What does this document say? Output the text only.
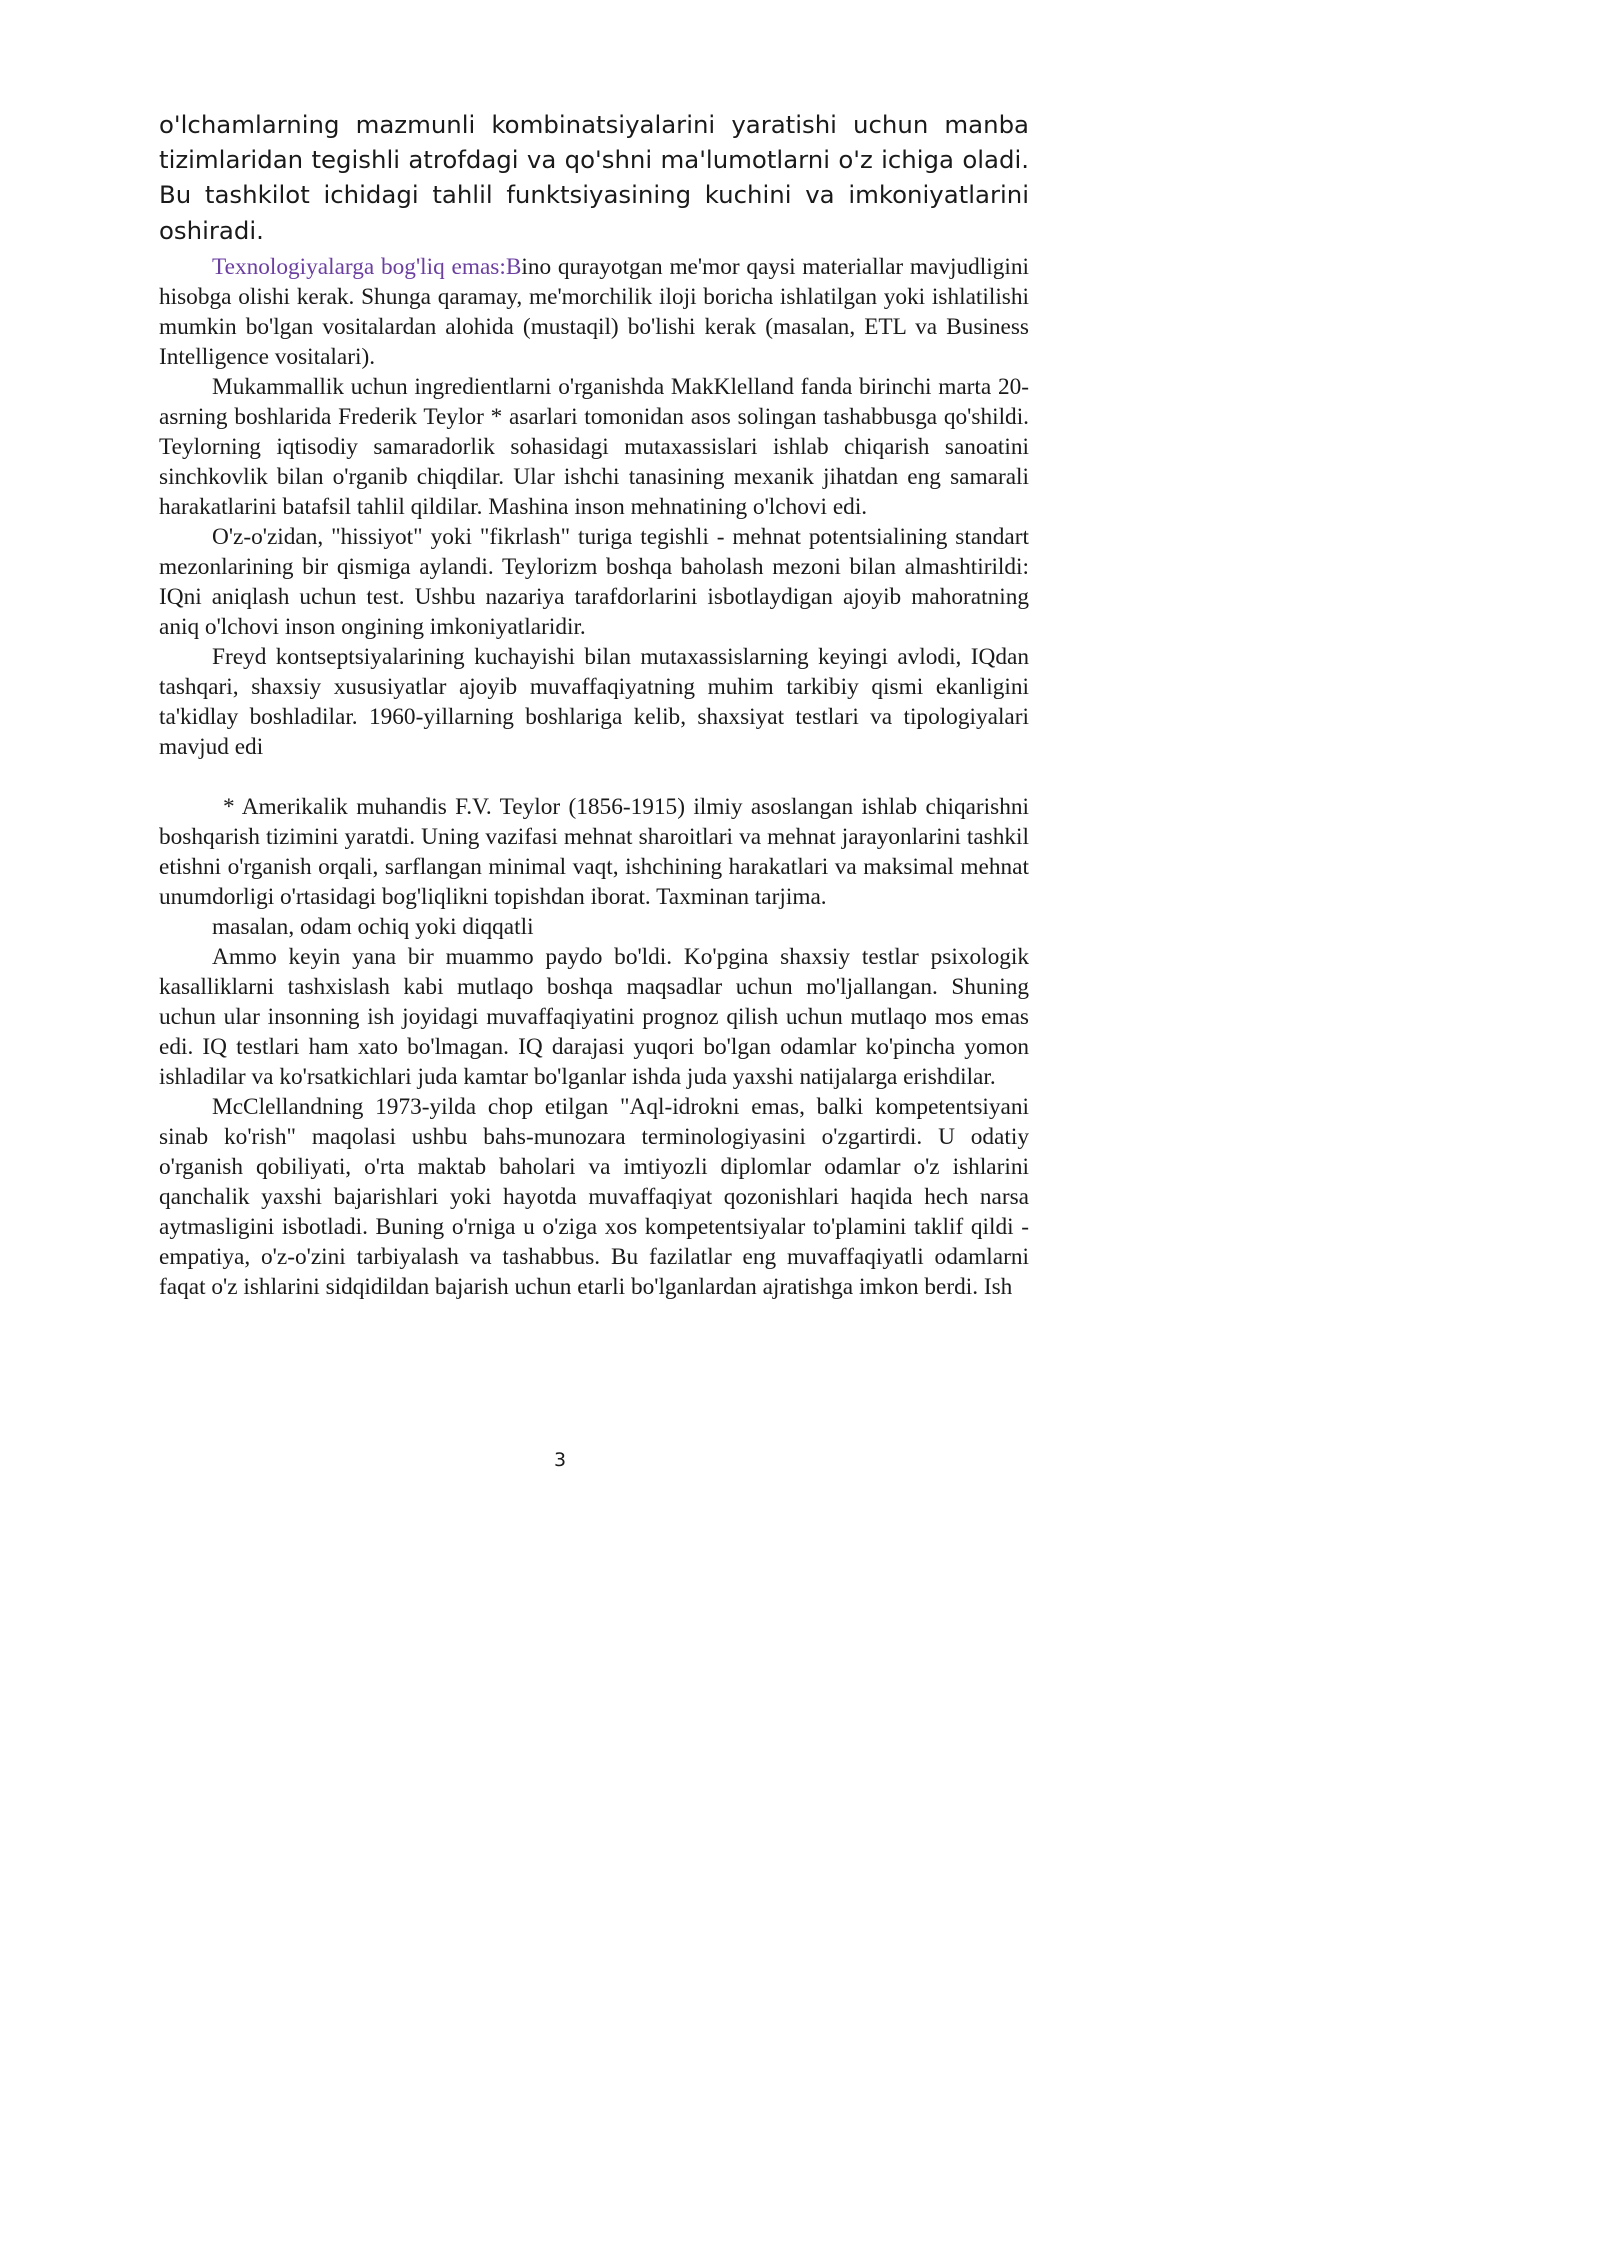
o'lchamlarning mazmunli kombinatsiyalarini yaratishi uchun manba tizimlaridan tegishli atrofdagi va qo'shni ma'lumotlarni o'z ichiga oladi. Bu tashkilot ichidagi tahlil funktsiyasining kuchini va imkoniyatlarini oshiradi.

Texnologiyalarga bog'liq emas:Bino qurayotgan me'mor qaysi materiallar mavjudligini hisobga olishi kerak. Shunga qaramay, me'morchilik iloji boricha ishlatilgan yoki ishlatilishi mumkin bo'lgan vositalardan alohida (mustaqil) bo'lishi kerak (masalan, ETL va Business Intelligence vositalari).

Mukammallik uchun ingredientlarni o'rganishda MakKlelland fanda birinchi marta 20-asrning boshlarida Frederik Teylor * asarlari tomonidan asos solingan tashabbusga qo'shildi. Teylorning iqtisodiy samaradorlik sohasidagi mutaxassislari ishlab chiqarish sanoatini sinchkovlik bilan o'rganib chiqdilar. Ular ishchi tanasining mexanik jihatdan eng samarali harakatlarini batafsil tahlil qildilar. Mashina inson mehnatining o'lchovi edi.

O'z-o'zidan, "hissiyot" yoki "fikrlash" turiga tegishli - mehnat potentsialining standart mezonlarining bir qismiga aylandi. Teylorizm boshqa baholash mezoni bilan almashtirildi: IQni aniqlash uchun test. Ushbu nazariya tarafdorlarini isbotlaydigan ajoyib mahoratning aniq o'lchovi inson ongining imkoniyatlaridir.

Freyd kontseptsiyalarining kuchayishi bilan mutaxassislarning keyingi avlodi, IQdan tashqari, shaxsiy xususiyatlar ajoyib muvaffaqiyatning muhim tarkibiy qismi ekanligini ta'kidlay boshladilar. 1960-yillarning boshlariga kelib, shaxsiyat testlari va tipologiyalari mavjud edi

* Amerikalik muhandis F.V. Teylor (1856-1915) ilmiy asoslangan ishlab chiqarishni boshqarish tizimini yaratdi. Uning vazifasi mehnat sharoitlari va mehnat jarayonlarini tashkil etishni o'rganish orqali, sarflangan minimal vaqt, ishchining harakatlari va maksimal mehnat unumdorligi o'rtasidagi bog'liqlikni topishdan iborat. Taxminan tarjima.

masalan, odam ochiq yoki diqqatli

Ammo keyin yana bir muammo paydo bo'ldi. Ko'pgina shaxsiy testlar psixologik kasalliklarni tashxislash kabi mutlaqo boshqa maqsadlar uchun mo'ljallangan. Shuning uchun ular insonning ish joyidagi muvaffaqiyatini prognoz qilish uchun mutlaqo mos emas edi. IQ testlari ham xato bo'lmagan. IQ darajasi yuqori bo'lgan odamlar ko'pincha yomon ishladilar va ko'rsatkichlari juda kamtar bo'lganlar ishda juda yaxshi natijalarga erishdilar.

McClellandning 1973-yilda chop etilgan "Aql-idrokni emas, balki kompetentsiyani sinab ko'rish" maqolasi ushbu bahs-munozara terminologiyasini o'zgartirdi. U odatiy o'rganish qobiliyati, o'rta maktab baholari va imtiyozli diplomlar odamlar o'z ishlarini qanchalik yaxshi bajarishlari yoki hayotda muvaffaqiyat qozonishlari haqida hech narsa aytmasligini isbotladi. Buning o'rniga u o'ziga xos kompetentsiyalar to'plamini taklif qildi - empatiya, o'z-o'zini tarbiyalash va tashabbus. Bu fazilatlar eng muvaffaqiyatli odamlarni faqat o'z ishlarini sidqidildan bajarish uchun etarli bo'lganlardan ajratishga imkon berdi. Ish

3
